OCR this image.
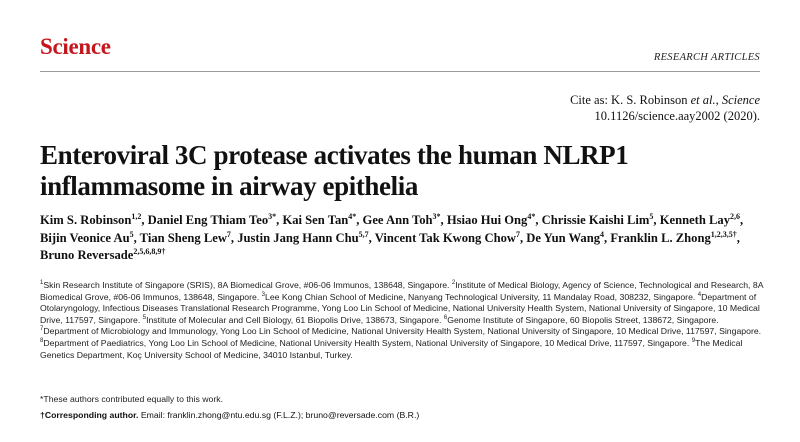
Science	RESEARCH ARTICLES
Cite as: K. S. Robinson et al., Science
10.1126/science.aay2002 (2020).
Enteroviral 3C protease activates the human NLRP1 inflammasome in airway epithelia
Kim S. Robinson$^{1,2}$, Daniel Eng Thiam Teo$^{3*}$, Kai Sen Tan$^{4*}$, Gee Ann Toh$^{3*}$, Hsiao Hui Ong$^{4*}$, Chrissie Kaishi Lim$^5$, Kenneth Lay$^{2,6}$, Bijin Veonice Au$^5$, Tian Sheng Lew$^7$, Justin Jang Hann Chu$^{5,7}$, Vincent Tak Kwong Chow$^7$, De Yun Wang$^4$, Franklin L. Zhong$^{1,2,3,5\dagger}$, Bruno Reversade$^{2,5,6,8,9\dagger}$
$^1$Skin Research Institute of Singapore (SRIS), 8A Biomedical Grove, #06-06 Immunos, 138648, Singapore. $^2$Institute of Medical Biology, Agency of Science, Technological and Research, 8A Biomedical Grove, #06-06 Immunos, 138648, Singapore. $^3$Lee Kong Chian School of Medicine, Nanyang Technological University, 11 Mandalay Road, 308232, Singapore. $^4$Department of Otolaryngology, Infectious Diseases Translational Research Programme, Yong Loo Lin School of Medicine, National University Health System, National University of Singapore, 10 Medical Drive, 117597, Singapore. $^5$Institute of Molecular and Cell Biology, 61 Biopolis Drive, 138673, Singapore. $^6$Genome Institute of Singapore, 60 Biopolis Street, 138672, Singapore. $^7$Department of Microbiology and Immunology, Yong Loo Lin School of Medicine, National University Health System, National University of Singapore, 10 Medical Drive, 117597, Singapore. $^8$Department of Paediatrics, Yong Loo Lin School of Medicine, National University Health System, National University of Singapore, 10 Medical Drive, 117597, Singapore. $^9$The Medical Genetics Department, Koç University School of Medicine, 34010 Istanbul, Turkey.
*These authors contributed equally to this work.
†Corresponding author. Email: franklin.zhong@ntu.edu.sg (F.L.Z.); bruno@reversade.com (B.R.)
